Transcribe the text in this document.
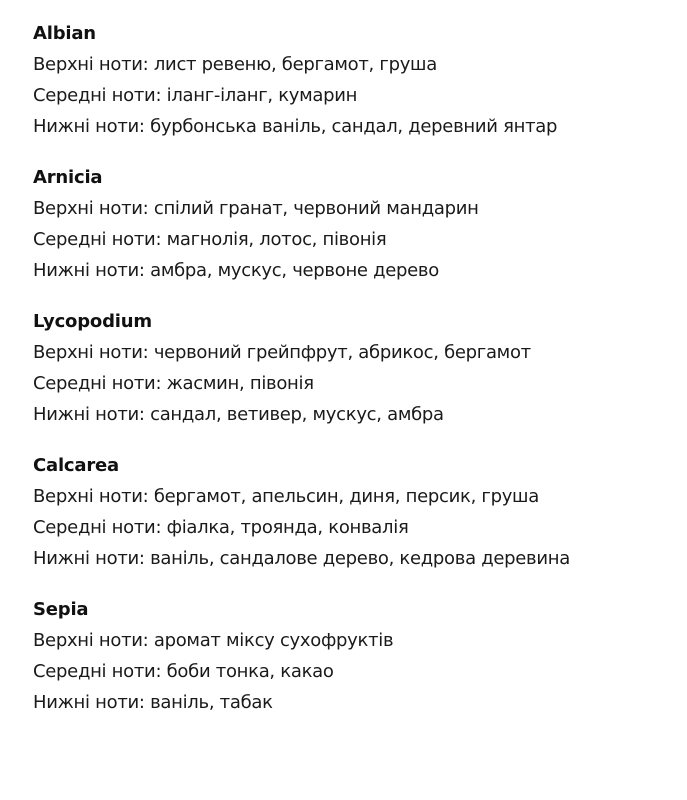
Albian
Верхні ноти: лист ревеню, бергамот, груша
Середні ноти: іланг-іланг, кумарин
Нижні ноти: бурбонська ваніль, сандал, деревний янтар
Arnicia
Верхні ноти: спілий гранат, червоний мандарин
Середні ноти: магнолія, лотос, півонія
Нижні ноти: амбра, мускус, червоне дерево
Lycopodium
Верхні ноти: червоний грейпфрут, абрикос, бергамот
Середні ноти: жасмин, півонія
Нижні ноти: сандал, ветивер, мускус, амбра
Calcarea
Верхні ноти: бергамот, апельсин, диня, персик, груша
Середні ноти: фіалка, троянда, конвалія
Нижні ноти: ваніль, сандалове дерево, кедрова деревина
Sepia
Верхні ноти: аромат міксу сухофруктів
Середні ноти: боби тонка, какао
Нижні ноти: ваніль, табак
